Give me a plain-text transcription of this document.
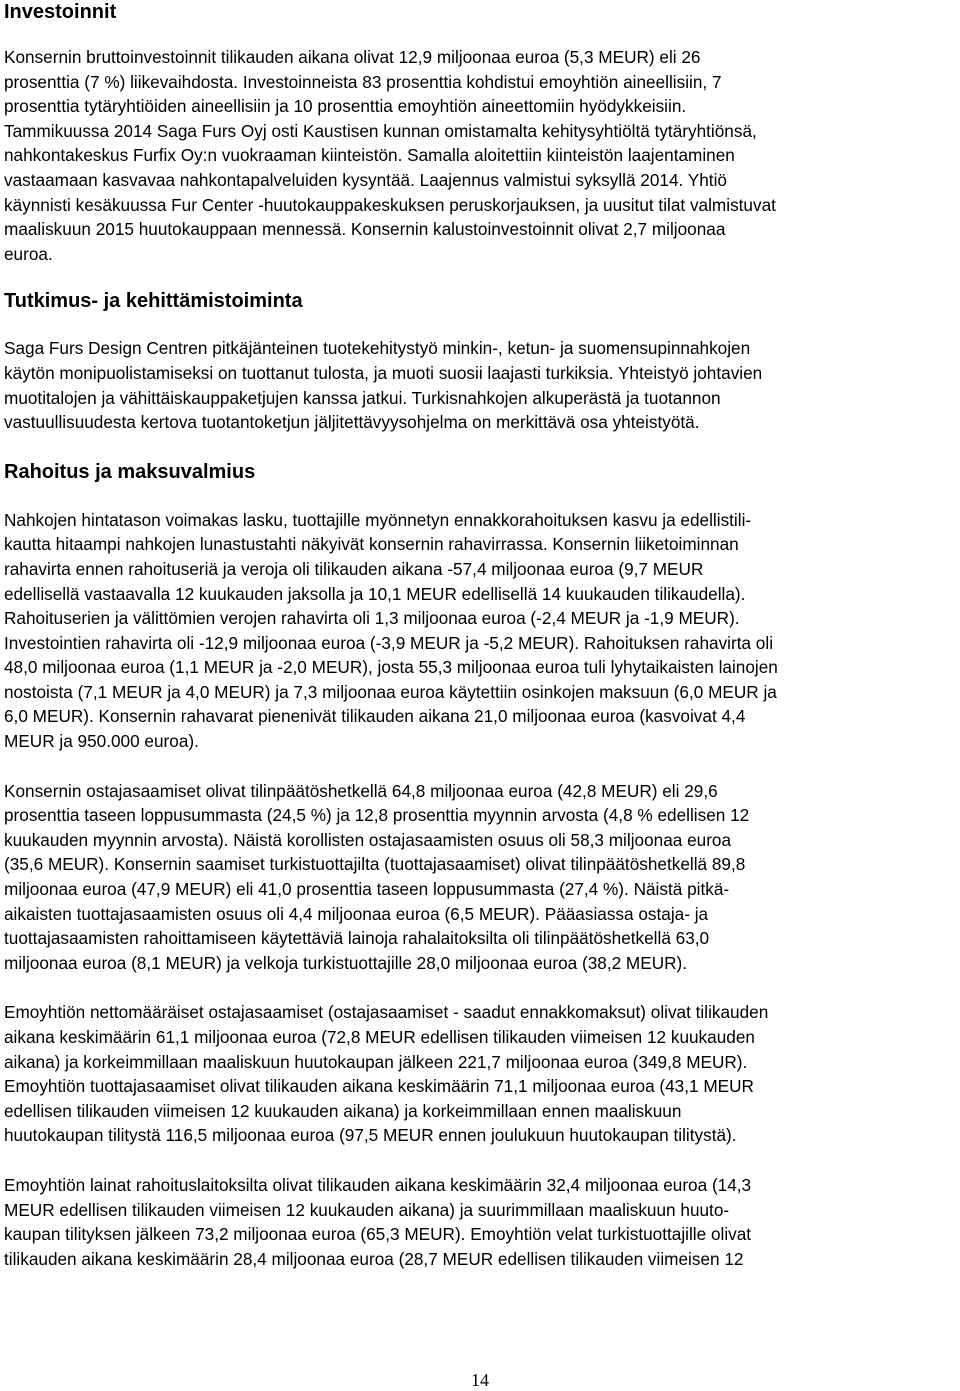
Investoinnit

Konsernin bruttoinvestoinnit tilikauden aikana olivat 12,9 miljoonaa euroa (5,3 MEUR) eli 26
prosenttia (7 %) liikevaihdosta. Investoinneista 83 prosenttia kohdistui emoyhtiön aineellisiin, 7
prosenttia tytäryhtiöiden aineellisiin ja 10 prosenttia emoyhtiön aineettomiin hyödykkeisiin.
Tammikuussa 2014 Saga Furs Oyj osti Kaustisen kunnan omistamalta kehitysyhtiöltä tytäryhtiönsä,
nahkontakeskus Furfix Oy:n vuokraaman kiinteistön. Samalla aloitettiin kiinteistön laajentaminen
vastaamaan kasvavaa nahkontapalveluiden kysyntää. Laajennus valmistui syksyllä 2014. Yhtiö
käynnisti kesäkuussa Fur Center -huutokauppakeskuksen peruskorjauksen, ja uusitut tilat valmistuvat
maaliskuun 2015 huutokauppaan mennessä. Konsernin kalustoinvestoinnit olivat 2,7 miljoonaa
euroa.

Tutkimus- ja kehittämistoiminta

Saga Furs Design Centren pitkäjänteinen tuotekehitystyö minkin-, ketun- ja suomensupinnahkojen
käytön monipuolistamiseksi on tuottanut tulosta, ja muoti suosii laajasti turkiksia. Yhteistyö johtavien
muotitalojen ja vähittäiskauppaketjujen kanssa jatkui. Turkisnahkojen alkuperästä ja tuotannon
vastuullisuudesta kertova tuotantoketjun jäljitettävyysohjelma on merkittävä osa yhteistyötä.

Rahoitus ja maksuvalmius

Nahkojen hintatason voimakas lasku, tuottajille myönnetyn ennakkorahoituksen kasvu ja edellistili-
kautta hitaampi nahkojen lunastustahti näkyivät konsernin rahavirrassa. Konsernin liiketoiminnan
rahavirta ennen rahoituseriä ja veroja oli tilikauden aikana -57,4 miljoonaa euroa (9,7 MEUR
edellisellä vastaavalla 12 kuukauden jaksolla ja 10,1 MEUR edellisellä 14 kuukauden tilikaudella).
Rahoituserien ja välittömien verojen rahavirta oli 1,3 miljoonaa euroa (-2,4 MEUR ja -1,9 MEUR).
Investointien rahavirta oli -12,9 miljoonaa euroa (-3,9 MEUR ja -5,2 MEUR). Rahoituksen rahavirta oli
48,0 miljoonaa euroa (1,1 MEUR ja -2,0 MEUR), josta 55,3 miljoonaa euroa tuli lyhytaikaisten lainojen
nostoista (7,1 MEUR ja 4,0 MEUR) ja 7,3 miljoonaa euroa käytettiin osinkojen maksuun (6,0 MEUR ja
6,0 MEUR). Konsernin rahavarat pienenivät tilikauden aikana 21,0 miljoonaa euroa (kasvoivat 4,4
MEUR ja 950.000 euroa).

Konsernin ostajasaamiset olivat tilinpäätöshetkellä 64,8 miljoonaa euroa (42,8 MEUR) eli 29,6
prosenttia taseen loppusummasta (24,5 %) ja 12,8 prosenttia myynnin arvosta (4,8 % edellisen 12
kuukauden myynnin arvosta). Näistä korollisten ostajasaamisten osuus oli 58,3 miljoonaa euroa
(35,6 MEUR). Konsernin saamiset turkistuottajilta (tuottajasaamiset) olivat tilinpäätöshetkellä 89,8
miljoonaa euroa (47,9 MEUR) eli 41,0 prosenttia taseen loppusummasta (27,4 %). Näistä pitkä-
aikaisten tuottajasaamisten osuus oli 4,4 miljoonaa euroa (6,5 MEUR). Pääasiassa ostaja- ja
tuottajasaamisten rahoittamiseen käytettäviä lainoja rahalaitoksilta oli tilinpäätöshetkellä 63,0
miljoonaa euroa (8,1 MEUR) ja velkoja turkistuottajille 28,0 miljoonaa euroa (38,2 MEUR).

Emoyhtiön nettomääräiset ostajasaamiset (ostajasaamiset - saadut ennakkomaksut) olivat tilikauden
aikana keskimäärin 61,1 miljoonaa euroa (72,8 MEUR edellisen tilikauden viimeisen 12 kuukauden
aikana) ja korkeimmillaan maaliskuun huutokaupan jälkeen 221,7 miljoonaa euroa (349,8 MEUR).
Emoyhtiön tuottajasaamiset olivat tilikauden aikana keskimäärin 71,1 miljoonaa euroa (43,1 MEUR
edellisen tilikauden viimeisen 12 kuukauden aikana) ja korkeimmillaan ennen maaliskuun
huutokaupan tilitystä 116,5 miljoonaa euroa (97,5 MEUR ennen joulukuun huutokaupan tilitystä).

Emoyhtiön lainat rahoituslaitoksilta olivat tilikauden aikana keskimäärin 32,4 miljoonaa euroa (14,3
MEUR edellisen tilikauden viimeisen 12 kuukauden aikana) ja suurimmillaan maaliskuun huuto-
kaupan tilityksen jälkeen 73,2 miljoonaa euroa (65,3 MEUR). Emoyhtiön velat turkistuottajille olivat
tilikauden aikana keskimäärin 28,4 miljoonaa euroa (28,7 MEUR edellisen tilikauden viimeisen 12

14
